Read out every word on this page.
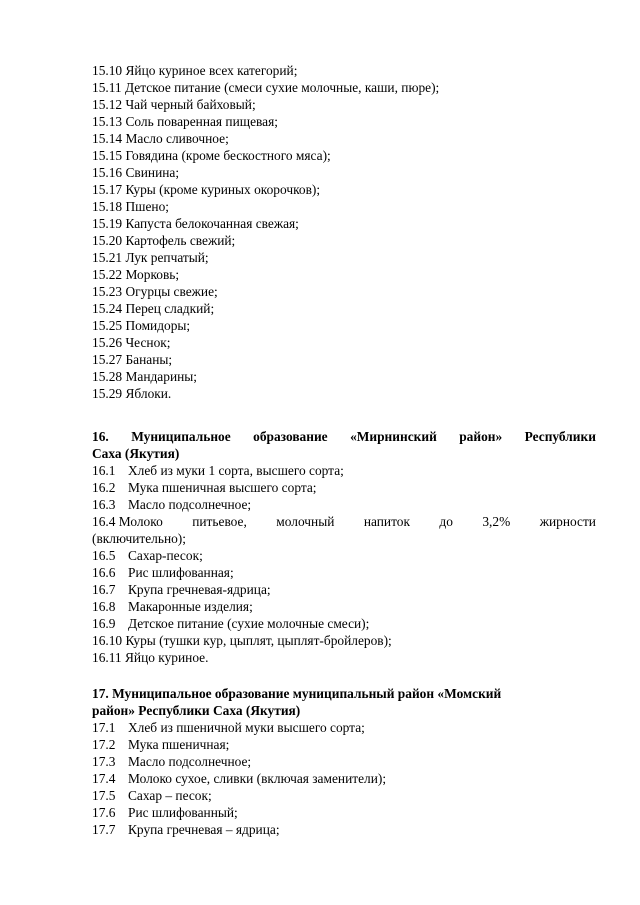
15.10 Яйцо куриное всех категорий;
15.11 Детское питание (смеси сухие молочные, каши, пюре);
15.12 Чай черный байховый;
15.13 Соль поваренная пищевая;
15.14 Масло сливочное;
15.15 Говядина (кроме бескостного мяса);
15.16 Свинина;
15.17 Куры (кроме куриных окорочков);
15.18 Пшено;
15.19 Капуста белокочанная свежая;
15.20 Картофель свежий;
15.21 Лук репчатый;
15.22 Морковь;
15.23 Огурцы свежие;
15.24 Перец сладкий;
15.25 Помидоры;
15.26 Чеснок;
15.27 Бананы;
15.28 Мандарины;
15.29 Яблоки.
16. Муниципальное образование «Мирнинский район» Республики
Саха (Якутия)
16.1 Хлеб из муки 1 сорта, высшего сорта;
16.2 Мука пшеничная высшего сорта;
16.3 Масло подсолнечное;
16.4 Молоко питьевое, молочный напиток до 3,2% жирности
(включительно);
16.5 Сахар-песок;
16.6 Рис шлифованная;
16.7 Крупа гречневая-ядрица;
16.8 Макаронные изделия;
16.9 Детское питание (сухие молочные смеси);
16.10 Куры (тушки кур, цыплят, цыплят-бройлеров);
16.11 Яйцо куриное.
17. Муниципальное образование муниципальный район «Момский
район» Республики Саха (Якутия)
17.1 Хлеб из пшеничной муки высшего сорта;
17.2 Мука пшеничная;
17.3 Масло подсолнечное;
17.4 Молоко сухое, сливки (включая заменители);
17.5 Сахар – песок;
17.6 Рис шлифованный;
17.7 Крупа гречневая – ядрица;
